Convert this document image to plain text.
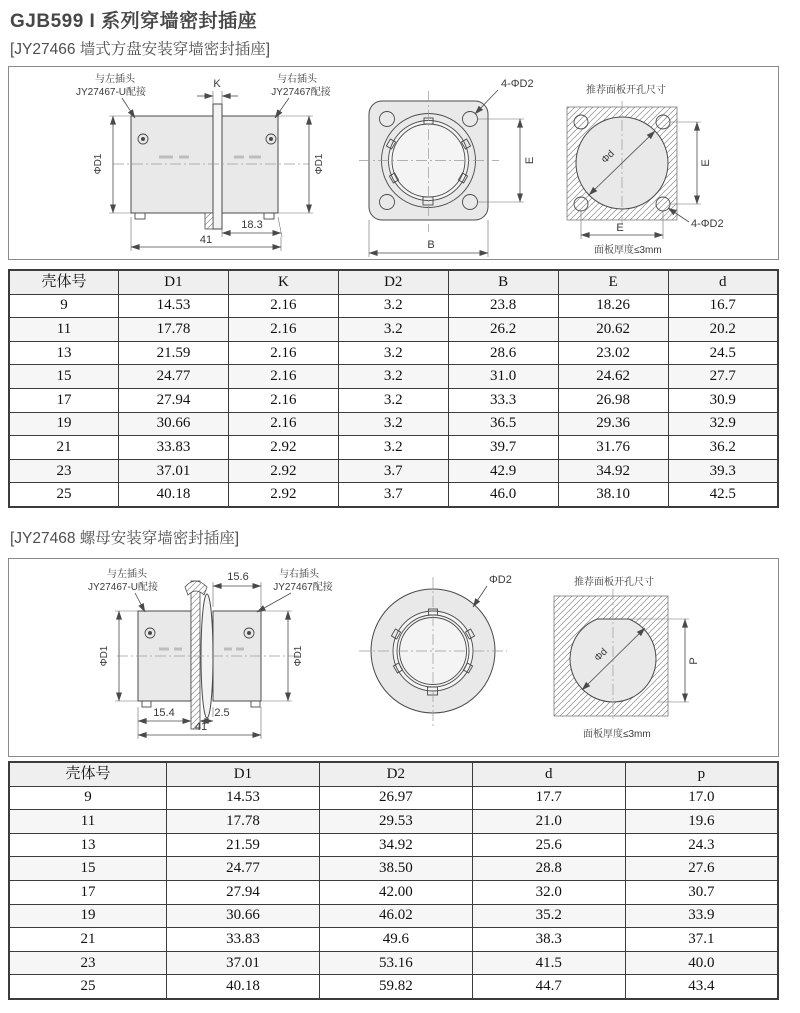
GJB599 I 系列穿墙密封插座
[JY27466 墙式方盘安装穿墙密封插座]
ΦD1	ΦD1
K
与左插头
JY27467-U配接
与右插头
JY27467配接
18.3
41
4-ΦD2
E
B
推荐面板开孔尺寸
Φd	E
E	4-ΦD2
面板厚度≤3mm
壳体号	D1	K	D2	B	E	d
9	14.53	2.16	3.2	23.8	18.26	16.7
11	17.78	2.16	3.2	26.2	20.62	20.2
13	21.59	2.16	3.2	28.6	23.02	24.5
15	24.77	2.16	3.2	31.0	24.62	27.7
17	27.94	2.16	3.2	33.3	26.98	30.9
19	30.66	2.16	3.2	36.5	29.36	32.9
21	33.83	2.92	3.2	39.7	31.76	36.2
23	37.01	2.92	3.7	42.9	34.92	39.3
25	40.18	2.92	3.7	46.0	38.10	42.5
[JY27468 螺母安装穿墙密封插座]
ΦD1	ΦD1
15.6
与左插头
JY27467-U配接
与右插头
JY27467配接
15.4	2.5
41
ΦD2	推荐面板开孔尺寸
Φd	P
面板厚度≤3mm
壳体号	D1	D2	d	p
9	14.53	26.97	17.7	17.0
11	17.78	29.53	21.0	19.6
13	21.59	34.92	25.6	24.3
15	24.77	38.50	28.8	27.6
17	27.94	42.00	32.0	30.7
19	30.66	46.02	35.2	33.9
21	33.83	49.6	38.3	37.1
23	37.01	53.16	41.5	40.0
25	40.18	59.82	44.7	43.4
